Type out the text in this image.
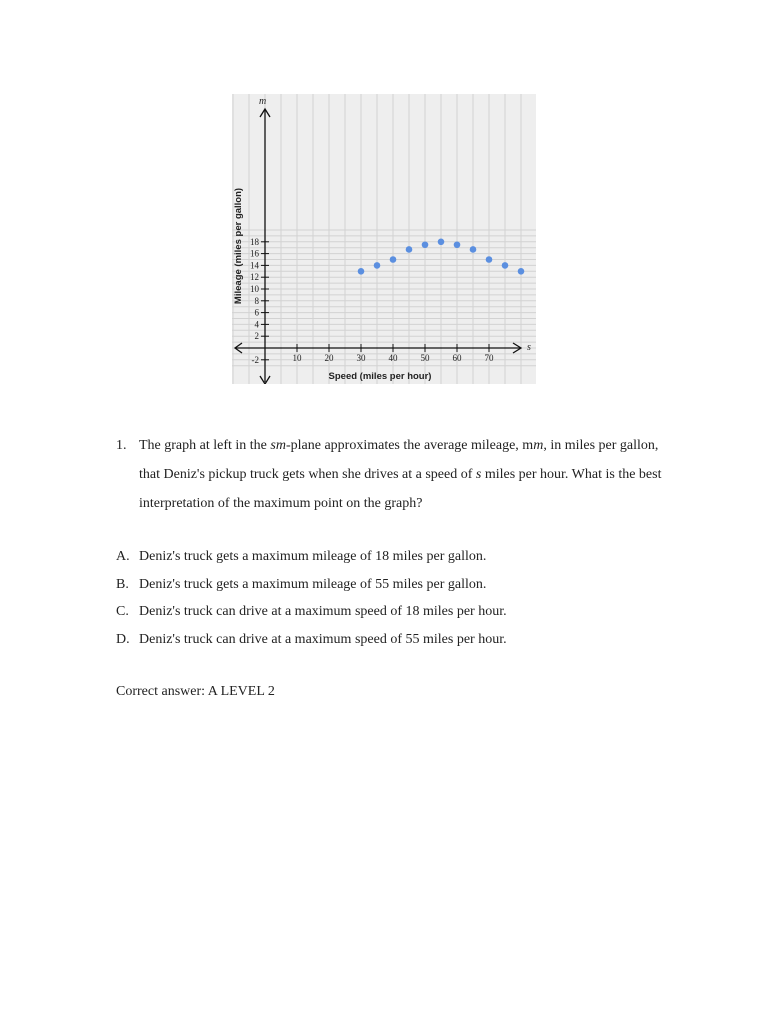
10	20	30	40	50	60	70
-2
2
4
6
8
10
12
14
16
18
m
s
Speed (miles per hour)
Mileage (miles per gallon)
1. The graph at left in the sm-plane approximates the average mileage, mm, in miles per gallon, that Deniz's pickup truck gets when she drives at a speed of s miles per hour. What is the best interpretation of the maximum point on the graph?
A. Deniz's truck gets a maximum mileage of 18 miles per gallon.
B. Deniz's truck gets a maximum mileage of 55 miles per gallon.
C. Deniz's truck can drive at a maximum speed of 18 miles per hour.
D. Deniz's truck can drive at a maximum speed of 55 miles per hour.
Correct answer: A LEVEL 2
